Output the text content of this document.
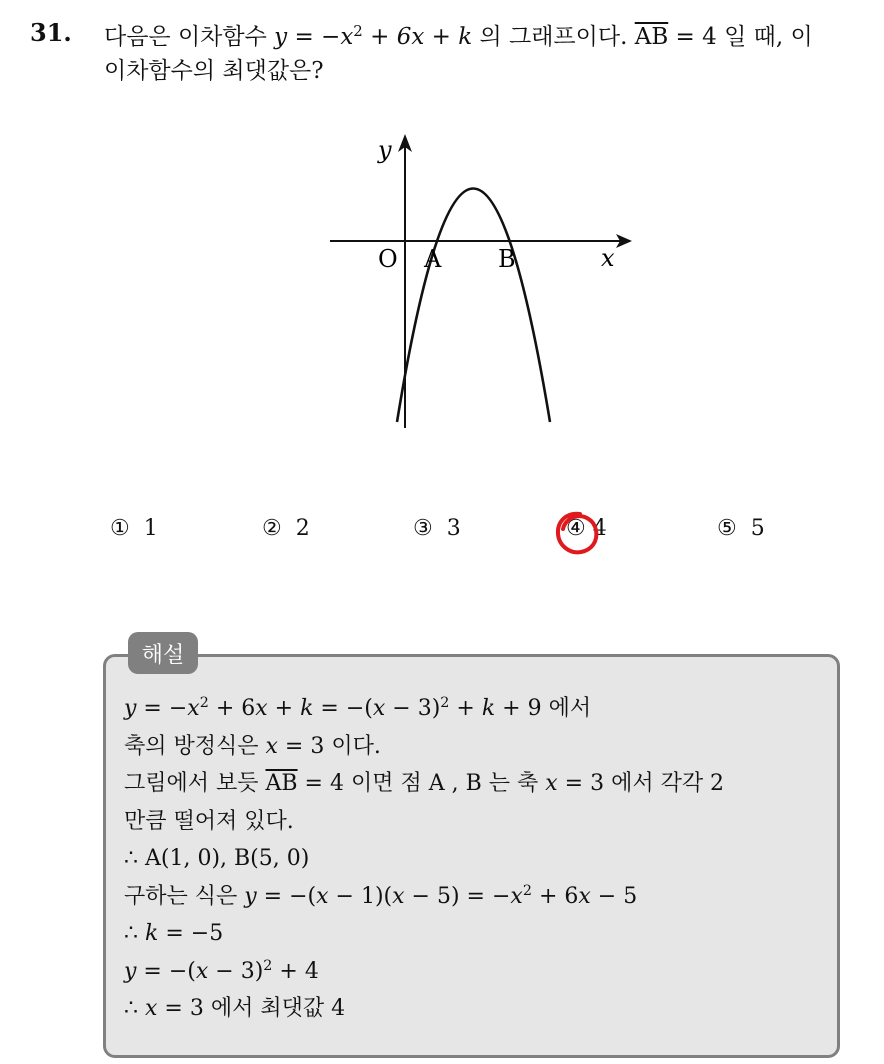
31. 다음은 이차함수 $y = -x^2 + 6x + k$ 의 그래프이다. $\overline{AB} = 4$ 일 때, 이
이차함수의 최댓값은?
y
x
O A B
① 1	② 2	③ 3	④ 4	⑤ 5
해설
$y = -x^2 + 6x + k = -(x - 3)^2 + k + 9$ 에서
축의 방정식은 x = 3 이다.
그림에서 보듯 $\overline{AB} = 4$ 이면 점 A , B 는 축 x = 3 에서 각각 2
만큼 떨어져 있다.
∴ A(1, 0), B(5, 0)
구하는 식은 $y = -(x - 1)(x - 5) = -x^2 + 6x - 5$
∴ k = −5
$y = -(x - 3)^2 + 4$
∴ x = 3 에서 최댓값 4
